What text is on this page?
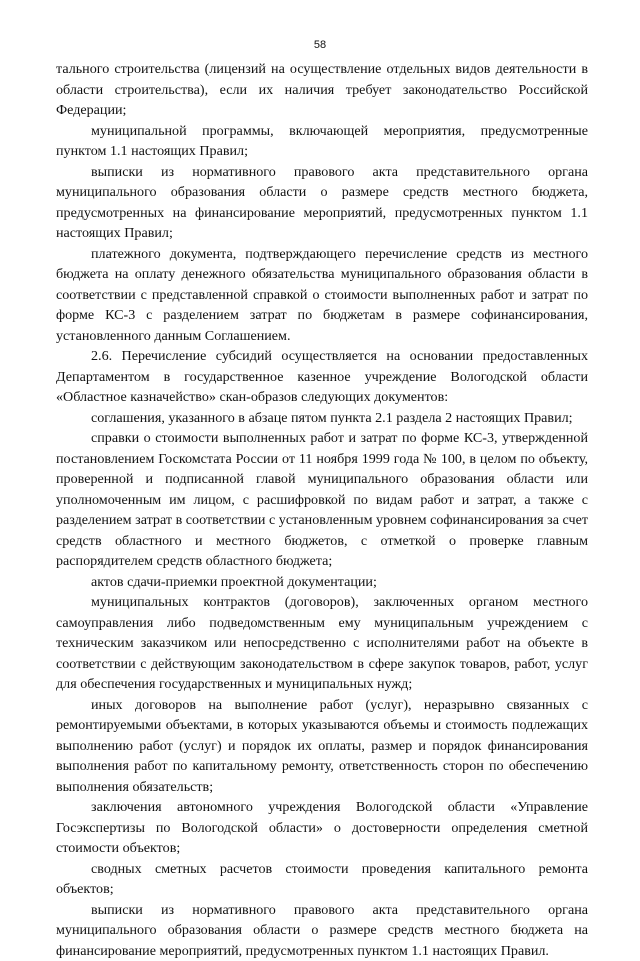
58

тального строительства (лицензий на осуществление отдельных видов деятельности в области строительства), если их наличия требует законодательство Российской Федерации;

муниципальной программы, включающей мероприятия, предусмотренные пунктом 1.1 настоящих Правил;

выписки из нормативного правового акта представительного органа муниципального образования области о размере средств местного бюджета, предусмотренных на финансирование мероприятий, предусмотренных пунктом 1.1 настоящих Правил;

платежного документа, подтверждающего перечисление средств из местного бюджета на оплату денежного обязательства муниципального образования области в соответствии с представленной справкой о стоимости выполненных работ и затрат по форме КС-3 с разделением затрат по бюджетам в размере софинансирования, установленного данным Соглашением.

2.6. Перечисление субсидий осуществляется на основании предоставленных Департаментом в государственное казенное учреждение Вологодской области «Областное казначейство» скан-образов следующих документов:

соглашения, указанного в абзаце пятом пункта 2.1 раздела 2 настоящих Правил;

справки о стоимости выполненных работ и затрат по форме КС-3, утвержденной постановлением Госкомстата России от 11 ноября 1999 года № 100, в целом по объекту, проверенной и подписанной главой муниципального образования области или уполномоченным им лицом, с расшифровкой по видам работ и затрат, а также с разделением затрат в соответствии с установленным уровнем софинансирования за счет средств областного и местного бюджетов, с отметкой о проверке главным распорядителем средств областного бюджета;

актов сдачи-приемки проектной документации;

муниципальных контрактов (договоров), заключенных органом местного самоуправления либо подведомственным ему муниципальным учреждением с техническим заказчиком или непосредственно с исполнителями работ на объекте в соответствии с действующим законодательством в сфере закупок товаров, работ, услуг для обеспечения государственных и муниципальных нужд;

иных договоров на выполнение работ (услуг), неразрывно связанных с ремонтируемыми объектами, в которых указываются объемы и стоимость подлежащих выполнению работ (услуг) и порядок их оплаты, размер и порядок финансирования выполнения работ по капитальному ремонту, ответственность сторон по обеспечению выполнения обязательств;

заключения автономного учреждения Вологодской области «Управление Госэкспертизы по Вологодской области» о достоверности определения сметной стоимости объектов;

сводных сметных расчетов стоимости проведения капитального ремонта объектов;

выписки из нормативного правового акта представительного органа муниципального образования области о размере средств местного бюджета на финансирование мероприятий, предусмотренных пунктом 1.1 настоящих Правил.
